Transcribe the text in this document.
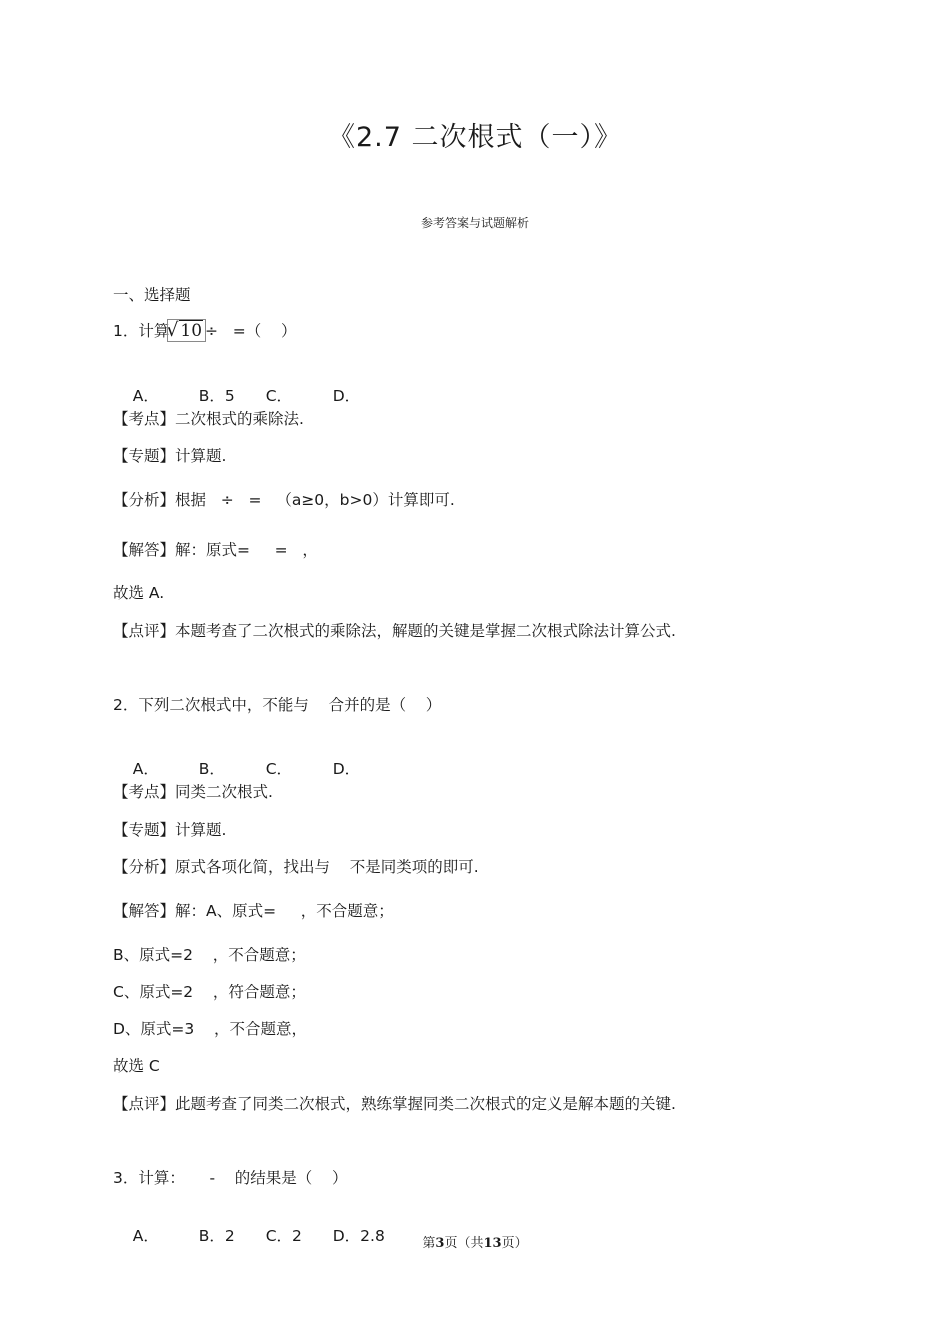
《2.7 二次根式（一）》
参考答案与试题解析
一、选择题
1．计算√ 10 ÷   =（    ）

A．	B．5 C．	D．

【考点】二次根式的乘除法.
【专题】计算题.
【分析】根据   ÷   =   （a≥0，b>0）计算即可.
【解答】解：原式=     =   ，
故选 A.
【点评】本题考查了二次根式的乘除法，解题的关键是掌握二次根式除法计算公式.
2．下列二次根式中，不能与    合并的是（    ）

A．	B．	C．	D．

【考点】同类二次根式.
【专题】计算题.
【分析】原式各项化简，找出与    不是同类项的即可.
【解答】解：A、原式=     ，不合题意；
B、原式=2    ，不合题意；
C、原式=2    ，符合题意；
D、原式=3    ，不合题意，
故选 C
【点评】此题考查了同类二次根式，熟练掌握同类二次根式的定义是解本题的关键.
3．计算：     -    的结果是（    ）

A．	B．2 C．2 D．2.8
	第3页（共13页）
